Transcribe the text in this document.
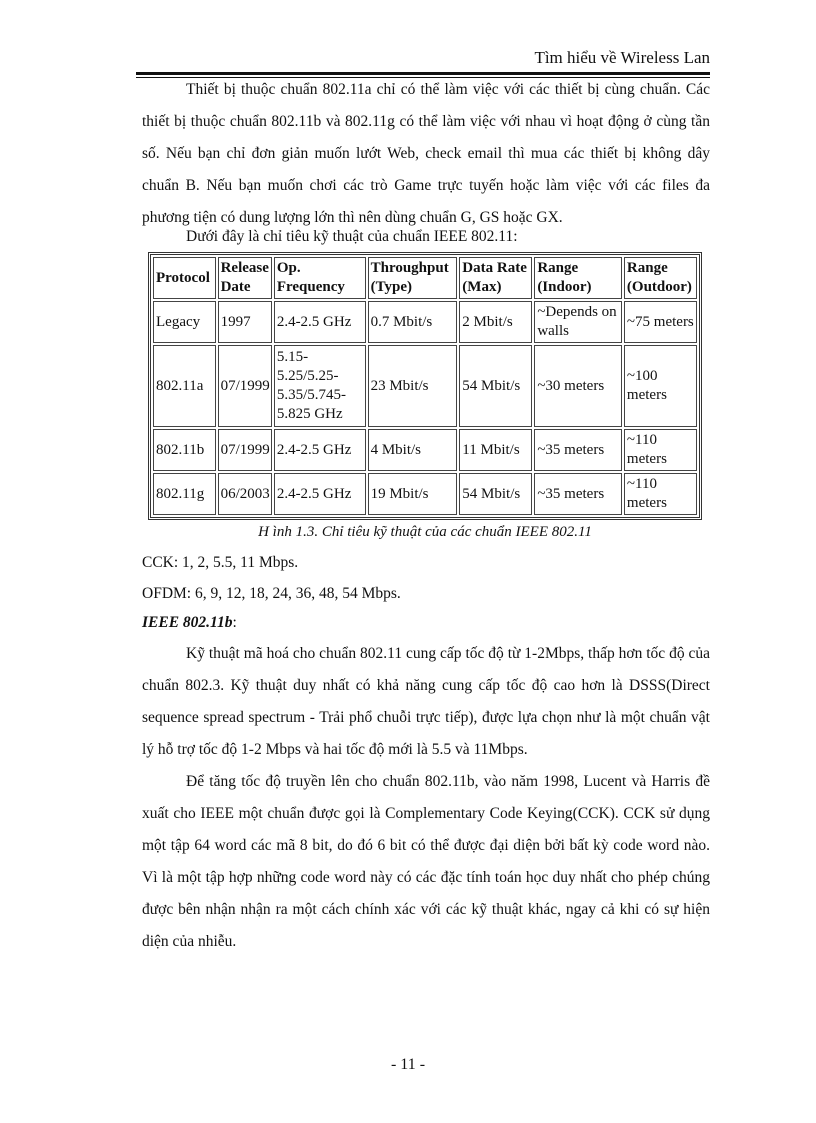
Tìm hiểu về Wireless Lan

Thiết bị thuộc chuẩn 802.11a chỉ có thể làm việc với các thiết bị cùng chuẩn. Các thiết bị thuộc chuẩn 802.11b và 802.11g có thể làm việc với nhau vì hoạt động ở cùng tần số. Nếu bạn chỉ đơn giản muốn lướt Web, check email thì mua các thiết bị không dây chuẩn B. Nếu bạn muốn chơi các trò Game trực tuyến hoặc làm việc với các files đa phương tiện có dung lượng lớn thì nên dùng chuẩn G, GS hoặc GX.

Dưới đây là chỉ tiêu kỹ thuật của chuẩn IEEE 802.11:

Protocol	Release Date	Op. Frequency	Throughput (Type)	Data Rate (Max)	Range (Indoor)	Range (Outdoor)
Legacy	1997	2.4-2.5 GHz	0.7 Mbit/s	2 Mbit/s	~Depends on walls	~75 meters
802.11a	07/1999	5.15-5.25/5.25-5.35/5.745-5.825 GHz	23 Mbit/s	54 Mbit/s	~30 meters	~100 meters
802.11b	07/1999	2.4-2.5 GHz	4 Mbit/s	11 Mbit/s	~35 meters	~110 meters
802.11g	06/2003	2.4-2.5 GHz	19 Mbit/s	54 Mbit/s	~35 meters	~110 meters
H ình 1.3. Chỉ tiêu kỹ thuật của các chuẩn IEEE 802.11

CCK: 1, 2, 5.5, 11 Mbps.

OFDM: 6, 9, 12, 18, 24, 36, 48, 54 Mbps.

IEEE 802.11b:

Kỹ thuật mã hoá cho chuẩn 802.11 cung cấp tốc độ từ 1-2Mbps, thấp hơn tốc độ của chuẩn 802.3. Kỹ thuật duy nhất có khả năng cung cấp tốc độ cao hơn là DSSS(Direct sequence spread spectrum - Trải phổ chuỗi trực tiếp), được lựa chọn như là một chuẩn vật lý hỗ trợ tốc độ 1-2 Mbps và hai tốc độ mới là 5.5 và 11Mbps.

Để tăng tốc độ truyền lên cho chuẩn 802.11b, vào năm 1998, Lucent và Harris đề xuất cho IEEE một chuẩn được gọi là Complementary Code Keying(CCK). CCK sử dụng một tập 64 word các mã 8 bit, do đó 6 bit có thể được đại diện bởi bất kỳ code word nào. Vì là một tập hợp những code word này có các đặc tính toán học duy nhất cho phép chúng được bên nhận nhận ra một cách chính xác với các kỹ thuật khác, ngay cả khi có sự hiện diện của nhiễu.

- 11 -
